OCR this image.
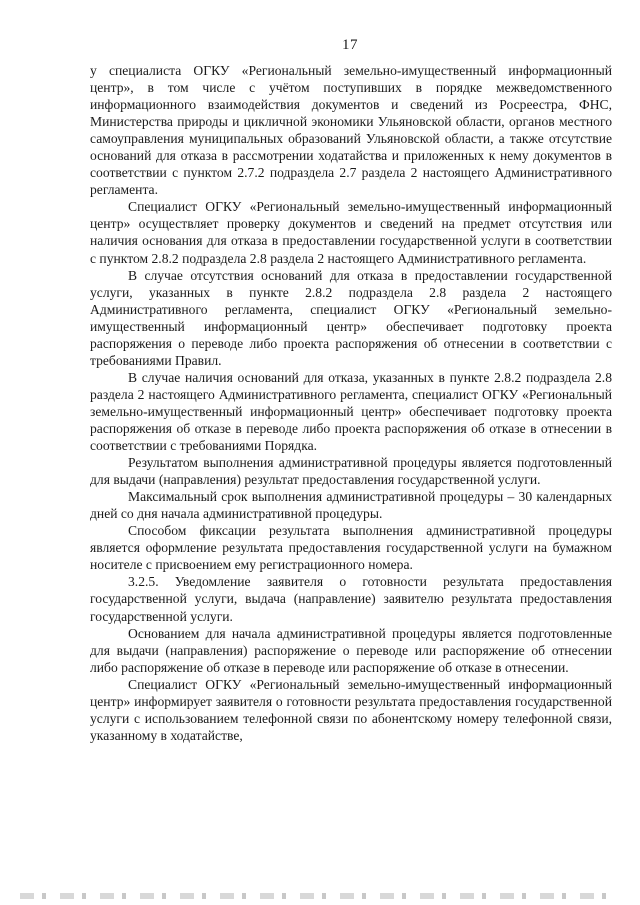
17

у специалиста ОГКУ «Региональный земельно-имущественный информационный центр», в том числе с учётом поступивших в порядке межведомственного информационного взаимодействия документов и сведений из Росреестра, ФНС, Министерства природы и цикличной экономики Ульяновской области, органов местного самоуправления муниципальных образований Ульяновской области, а также отсутствие оснований для отказа в рассмотрении ходатайства и приложенных к нему документов в соответствии с пунктом 2.7.2 подраздела 2.7 раздела 2 настоящего Административного регламента.

Специалист ОГКУ «Региональный земельно-имущественный информационный центр» осуществляет проверку документов и сведений на предмет отсутствия или наличия основания для отказа в предоставлении государственной услуги в соответствии с пунктом 2.8.2 подраздела 2.8 раздела 2 настоящего Административного регламента.

В случае отсутствия оснований для отказа в предоставлении государственной услуги, указанных в пункте 2.8.2 подраздела 2.8 раздела 2 настоящего Административного регламента, специалист ОГКУ «Региональный земельно-имущественный информационный центр» обеспечивает подготовку проекта распоряжения о переводе либо проекта распоряжения об отнесении в соответствии с требованиями Правил.

В случае наличия оснований для отказа, указанных в пункте 2.8.2 подраздела 2.8 раздела 2 настоящего Административного регламента, специалист ОГКУ «Региональный земельно-имущественный информационный центр» обеспечивает подготовку проекта распоряжения об отказе в переводе либо проекта распоряжения об отказе в отнесении в соответствии с требованиями Порядка.

Результатом выполнения административной процедуры является подготовленный для выдачи (направления) результат предоставления государственной услуги.

Максимальный срок выполнения административной процедуры – 30 календарных дней со дня начала административной процедуры.

Способом фиксации результата выполнения административной процедуры является оформление результата предоставления государственной услуги на бумажном носителе с присвоением ему регистрационного номера.

3.2.5. Уведомление заявителя о готовности результата предоставления государственной услуги, выдача (направление) заявителю результата предоставления государственной услуги.

Основанием для начала административной процедуры является подготовленные для выдачи (направления) распоряжение о переводе или распоряжение об отнесении либо распоряжение об отказе в переводе или распоряжение об отказе в отнесении.

Специалист ОГКУ «Региональный земельно-имущественный информационный центр» информирует заявителя о готовности результата предоставления государственной услуги с использованием телефонной связи по абонентскому номеру телефонной связи, указанному в ходатайстве,
